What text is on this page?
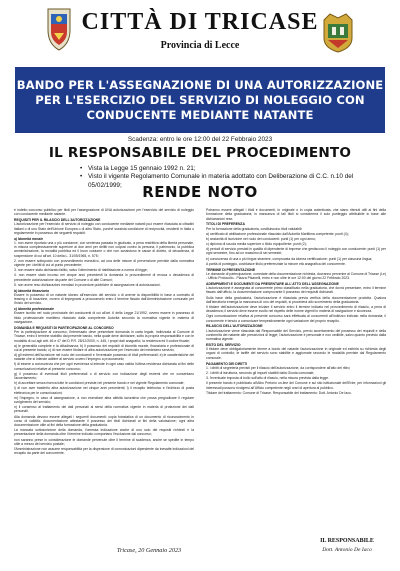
CITTÀ DI TRICASE
Provincia di Lecce
BANDO PER L'ASSEGNAZIONE DI UNA AUTORIZZAZIONE
PER L'ESERCIZIO DEL SERVIZIO DI NOLEGGIO CON
CONDUCENTE MEDIANTE NATANTE
Scadenza: entro le ore 12:00 del 22 Febbraio 2023
IL RESPONSABILE DEL PROCEDIMENTO
• Vista la Legge 15 gennaio 1992 n. 21;
• Visto il vigente Regolamento Comunale in materia adottato con Deliberazione di C.C. n.10 del 05/02/1999;	RENDE NOTO

è indetto concorso pubblico per titoli per l'assegnazione di UNA autorizzazione per l'esercizio del servizio di noleggio con conducente mediante natante.

REQUISITI PER IL RILASCIO DELL'AUTORIZZAZIONE

L'autorizzazione per l'esercizio di servizio di noleggio con conducente mediante natanti può essere rilasciata ai cittadini italiani o di uno Stato dell'Unione Europea o di altro Stato, purché sussista condizione di reciprocità, residenti in Italia o regolarmente in possesso dei seguenti requisiti:

a) Idoneità morale

1. non avere riportato una o più condanne, con sentenza passata in giudicato, a pena restrittiva della libertà personale, in misura complessivamente superiore ai due anni per delitti non colposi contro la persona, il patrimonio, la pubblica amministrazione, la moralità pubblica ed il buon costume o che non sussistono le cause di divieto, di decadenza, di sospensione di cui all'art. 10 della L. 31/05/1965, n. 575;

2. non essere sottoposto con provvedimento esecutivo, ad una delle misure di prevenzione previste dalla normativa vigente per i delitti di cui al punto precedente;

3. non essere stato dichiarato fallito, salvo l'ottenimento di riabilitazione a norma di legge;

4. non essere stato incorso nei cinque anni precedenti la domanda in provvedimenti di revoca o decadenza di precedente autorizzazione da parte del Comune o di altri Comuni;

5. non avere reso dichiarazioni mendaci in procedure pubbliche di assegnazione di autorizzazioni.

b) Idoneità finanziaria

Essere in possesso di un natante idoneo all'esercizio del servizio o di averne la disponibilità in base a contratto di leasing o di locazione, ovvero di impegnarsi a procurarselo entro il termine fissato dall'Amministrazione comunale per l'inizio del servizio.

c) Idoneità professionale

Essere iscritto nel ruolo provinciale dei conducenti di cui all'art. 6 della Legge 21/1992, ovvero essere in possesso di titolo professionale marittimo rilasciato dalla competente Autorità secondo la normativa vigente in materia di navigazione.

DOMANDA E REQUISITI DI PARTECIPAZIONE AL CONCORSO

Per la partecipazione al concorso, l'interessato deve presentare domanda in carta legale, indirizzata al Comune di Tricase, entro il termine stabilito dal presente bando, nella quale deve dichiarare, sotto la propria responsabilità e con le modalità di cui agli artt. 46 e 47 del D.P.R. 28/12/2000, n. 445, i propri dati anagrafici, la residenza ed il codice fiscale;

a) le generalità complete e la cittadinanza; b) il possesso dei requisiti di idoneità morale, finanziaria e professionale di cui al presente bando; c) di non essere titolare di altra autorizzazione per l'esercizio del medesimo servizio;

d) gli estremi dell'iscrizione nel ruolo dei conducenti e l'eventuale possesso di titoli preferenziali; e) le caratteristiche del natante che si intende adibire al servizio ovvero l'impegno a procurarselo;

f) di essere a conoscenza che per ogni evenienza si intende in ogni caso valida l'ultima residenza dichiarata ai fini delle comunicazioni relative al presente concorso;

g) il possesso di eventuali titoli preferenziali o di servizio con indicazione degli estremi che ne consentano l'accertamento;

h) di accettare senza riserva tutte le condizioni previste nel presente bando e nel vigente Regolamento comunale;

i) di non aver trasferito altra autorizzazione nei cinque anni precedenti; l) il recapito telefonico e l'indirizzo di posta elettronica per le comunicazioni;

m) l'impegno, in caso di assegnazione, a non esercitare altra attività lavorativa che possa pregiudicare il regolare svolgimento del servizio;

n) il consenso al trattamento dei dati personali ai sensi della normativa vigente in materia di protezione dei dati personali.

Alla domanda devono essere allegati i seguenti documenti: copia fotostatica di un documento di riconoscimento in corso di validità; documentazione attestante il possesso dei titoli dichiarati ai fini della valutazione; ogni altra documentazione utile ai fini della formazione della graduatoria.

La mancata sottoscrizione della domanda, l'omessa indicazione anche di uno solo dei requisiti richiesti e la presentazione della domanda oltre il termine indicato comportano l'esclusione dal concorso;

non saranno prese in considerazione le domande pervenute oltre il termine di scadenza, anche se spedite in tempo utile a mezzo del servizio postale;

l'Amministrazione non assume responsabilità per la dispersione di comunicazioni dipendente da inesatte indicazioni del recapito da parte del concorrente.

Potranno essere allegati i titoli e documenti, in originale o in copia autenticata, che siano ritenuti utili ai fini della formazione della graduatoria; in mancanza di tali titoli si considererà il solo punteggio attribuibile in base alle dichiarazioni rese.

TITOLI DI PREFERENZA

Per la formazione della graduatoria, costituiscono titoli valutabili:

a) certificato di abilitazione professionale rilasciato dall'Autorità Marittima competente: punti (4);

b) anzianità di iscrizione nel ruolo dei conducenti: punti (1) per ogni anno;

c) diploma di scuola media superiore o titolo equipollente: punti (2);

d) periodi di servizio prestati in qualità di dipendente di imprese che gestiscono il noleggio con conducente: punti (1) per ogni semestre, fino ad un massimo di sei semestri;

e) conoscenza di una o più lingue straniere, comprovata da idonea certificazione: punti (1) per ciascuna lingua;

A parità di punteggio, costituisce titolo preferenziale la minore età anagrafica del concorrente.

TERMINE DI PRESENTAZIONE

Le domande di partecipazione, corredate della documentazione richiesta, dovranno pervenire al Comune di Tricase (Le) - Ufficio Protocollo - Piazza Pisanelli, entro e non oltre le ore 12:00 del giorno 22 Febbraio 2023.

ADEMPIMENTI E DOCUMENTI DA PRESENTARE ALL'ATTO DELL'ASSEGNAZIONE

L'autorizzazione è assegnata al concorrente primo classificato nella graduatoria, che dovrà presentare, entro il termine fissato dall'ufficio, la documentazione comprovante il possesso dei requisiti dichiarati.

Sulla base della graduatoria, l'autorizzazione è rilasciata previa verifica della documentazione prodotta. Qualora dall'istruttoria emerga la mancanza di uno dei requisiti, si procederà allo scorrimento della graduatoria.

Il titolare dell'autorizzazione deve iniziare il servizio entro il termine indicato nel provvedimento di rilascio, a pena di decadenza; il servizio deve essere svolto nel rispetto delle norme vigenti in materia di navigazione e sicurezza.

Ogni comunicazione relativa al presente concorso sarà effettuata ai concorrenti all'indirizzo indicato nella domanda; il concorrente è tenuto a comunicare tempestivamente ogni variazione del proprio recapito.

RILASCIO DELL'AUTORIZZAZIONE

L'autorizzazione viene rilasciata dal Responsabile del Servizio, previo accertamento del possesso dei requisiti e della conformità del natante alle prescrizioni di legge; l'autorizzazione è personale e non cedibile, salvo quanto previsto dalla normativa vigente.

ESITO DEL SERVIZIO

Il titolare deve obbligatoriamente tenere a bordo del natante l'autorizzazione in originale ed esibirla su richiesta degli organi di controllo; le tariffe del servizio sono stabilite e aggiornate secondo le modalità previste dal Regolamento comunale.

PAGAMENTO DEI DIRITTI

1. i diritti di segreteria previsti per il rilascio dell'autorizzazione, da corrispondere all'atto del ritiro;

2. i diritti di istruttoria, secondo gli importi stabiliti dalla Giunta comunale;

3. l'eventuale imposta di bollo sull'atto di rilascio, nella misura prevista dalla legge.

Il presente bando è pubblicato all'Albo Pretorio on-line del Comune e sul sito istituzionale dell'Ente; per informazioni gli interessati possono rivolgersi all'Ufficio competente negli orari di apertura al pubblico.

Titolare del trattamento: Comune di Tricase. Responsabile del trattamento: Dott. Antonio De Iaco.

Tricase, 20 Gennaio 2023
IL RESPONSABILE
Dott. Antonio De Iaco
